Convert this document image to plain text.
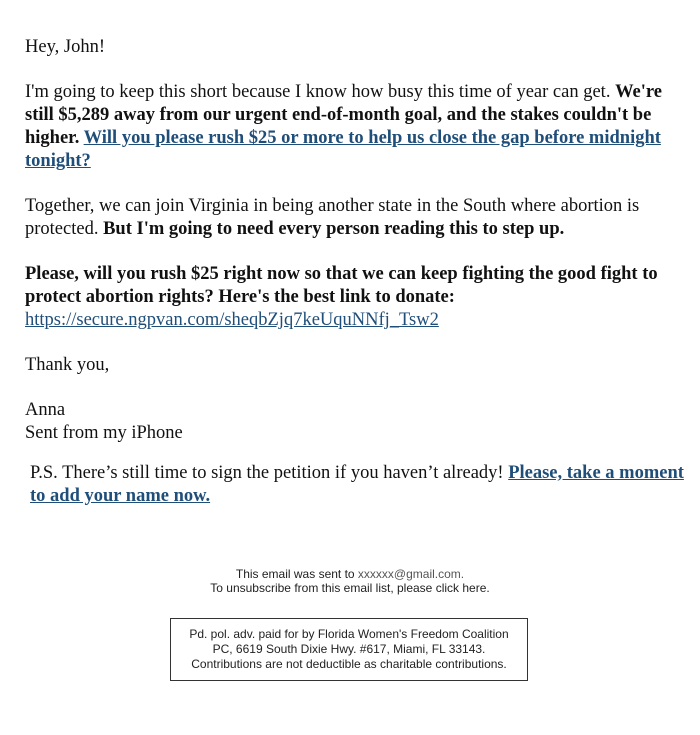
Hey, John!

I'm going to keep this short because I know how busy this time of year can get. We're still $5,289 away from our urgent end-of-month goal, and the stakes couldn't be higher. Will you please rush $25 or more to help us close the gap before midnight tonight?

Together, we can join Virginia in being another state in the South where abortion is protected. But I'm going to need every person reading this to step up.

Please, will you rush $25 right now so that we can keep fighting the good fight to protect abortion rights? Here's the best link to donate:
https://secure.ngpvan.com/sheqbZjq7keUquNNfj_Tsw2

Thank you,

Anna
Sent from my iPhone

P.S. There’s still time to sign the petition if you haven’t already! Please, take a moment to add your name now.

This email was sent to xxxxxx@gmail.com.
To unsubscribe from this email list, please click here.
Pd. pol. adv. paid for by Florida Women's Freedom Coalition
PC, 6619 South Dixie Hwy. #617, Miami, FL 33143.
Contributions are not deductible as charitable contributions.
